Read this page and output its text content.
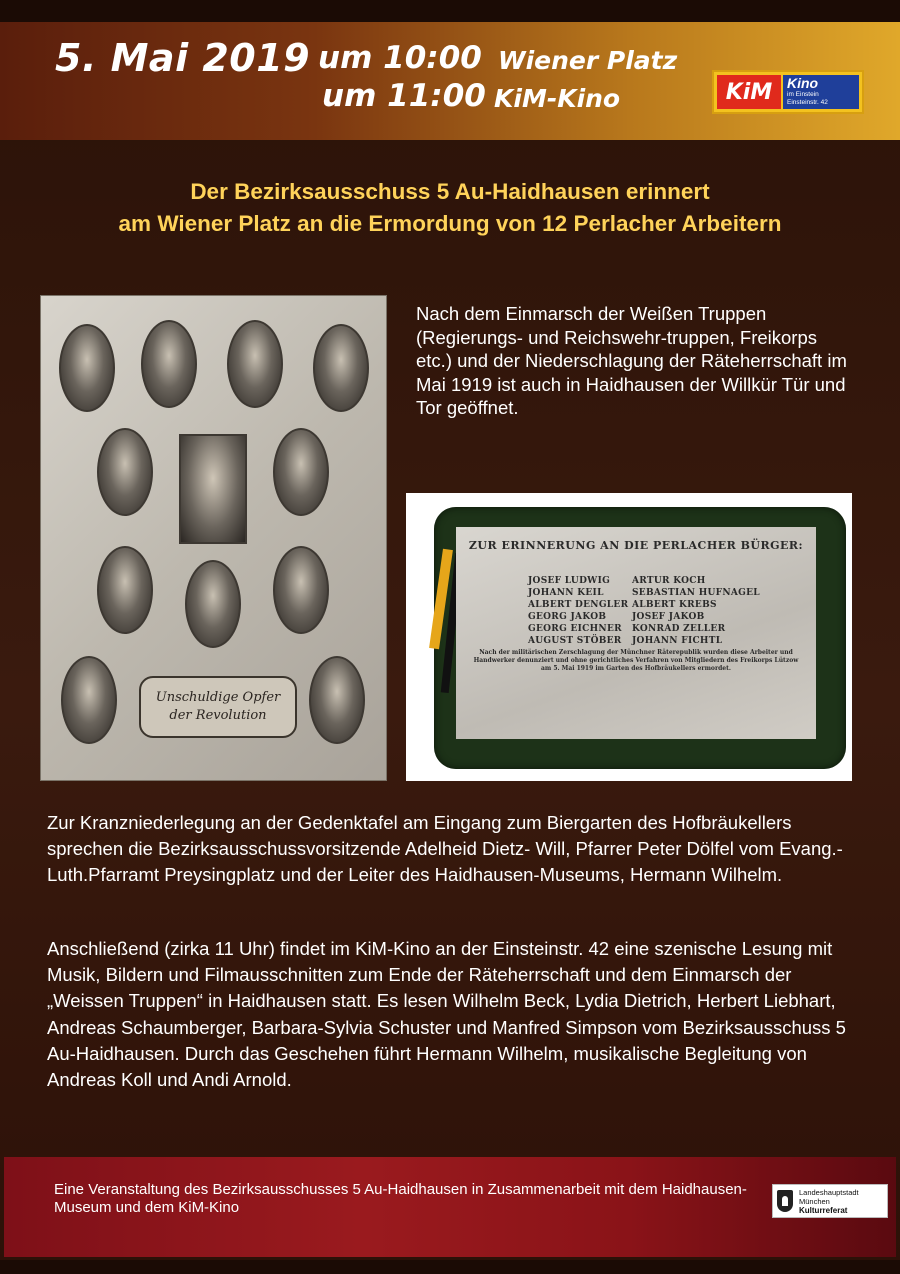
5. Mai 2019 um 10:00 Wiener Platz
um 11:00 KiM-Kino	KiM	Kino
im Einstein
Einsteinstr. 42
Der Bezirksausschuss 5 Au-Haidhausen erinnert
am Wiener Platz an die Ermordung von 12 Perlacher Arbeitern
Unschuldige Opfer
der Revolution
Nach dem Einmarsch der Weißen Truppen (Regierungs- und Reichswehr-truppen, Freikorps etc.) und der Niederschlagung der Räteherrschaft im Mai 1919 ist auch in Haidhausen der Willkür Tür und Tor geöffnet.
ZUR ERINNERUNG AN DIE PERLACHER BÜRGER:
JOSEF LUDWIG
JOHANN KEIL
ALBERT DENGLER
GEORG JAKOB
GEORG EICHNER
AUGUST STÖBER
ARTUR KOCH
SEBASTIAN HUFNAGEL
ALBERT KREBS
JOSEF JAKOB
KONRAD ZELLER
JOHANN FICHTL
Nach der militärischen Zerschlagung der Münchner Räterepublik wurden diese Arbeiter und Handwerker denunziert und ohne gerichtliches Verfahren von Mitgliedern des Freikorps Lützow am 5. Mai 1919 im Garten des Hofbräukellers ermordet.
Zur Kranzniederlegung an der Gedenktafel am Eingang zum Biergarten des Hofbräukellers sprechen die Bezirksausschussvorsitzende Adelheid Dietz- Will, Pfarrer Peter Dölfel vom Evang.-Luth.Pfarramt Preysingplatz und der Leiter des Haidhausen-Museums, Hermann Wilhelm.
Anschließend (zirka 11 Uhr) findet im KiM-Kino an der Einsteinstr. 42 eine szenische Lesung mit Musik, Bildern und Filmausschnitten zum Ende der Räteherrschaft und dem Einmarsch der „Weissen Truppen“ in Haidhausen statt. Es lesen Wilhelm Beck, Lydia Dietrich, Herbert Liebhart, Andreas Schaumberger, Barbara-Sylvia Schuster und Manfred Simpson vom Bezirksausschuss 5 Au-Haidhausen. Durch das Geschehen führt Hermann Wilhelm, musikalische Begleitung von Andreas Koll und Andi Arnold.
Eine Veranstaltung des Bezirksausschusses 5 Au-Haidhausen in Zusammenarbeit mit dem Haidhausen-Museum und dem KiM-Kino
Landeshauptstadt
München
Kulturreferat
